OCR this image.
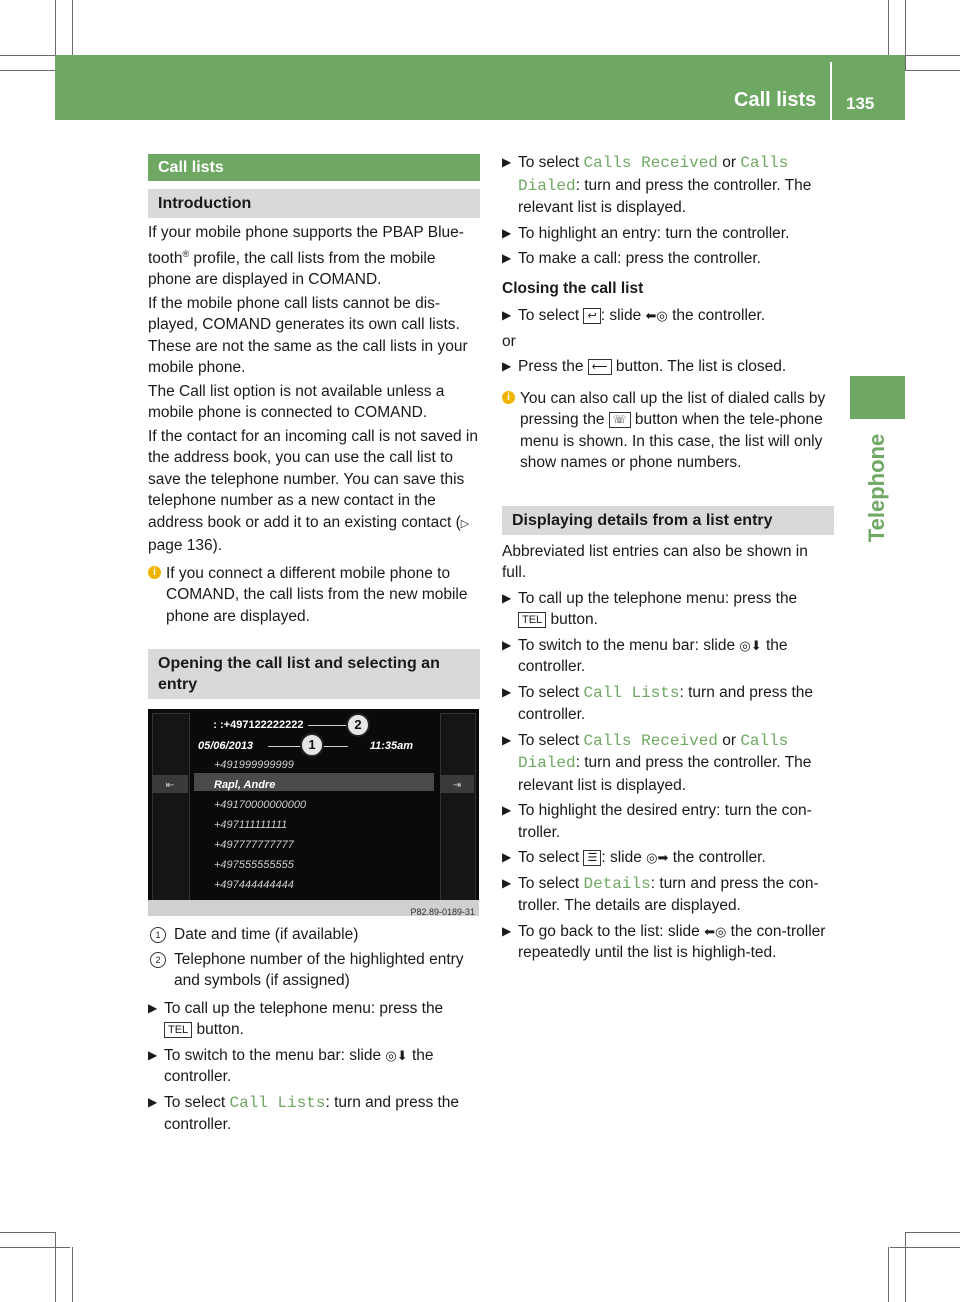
Call lists 135
Telephone
Call lists
Introduction

If your mobile phone supports the PBAP Blue-tooth® profile, the call lists from the mobile phone are displayed in COMAND.

If the mobile phone call lists cannot be dis-played, COMAND generates its own call lists. These are not the same as the call lists in your mobile phone.

The Call list option is not available unless a mobile phone is connected to COMAND.

If the contact for an incoming call is not saved in the address book, you can use the call list to save the telephone number. You can save this telephone number as a new contact in the address book or add it to an existing contact (▷ page 136).

i If you connect a different mobile phone to COMAND, the call lists from the new mobile phone are displayed.
Opening the call list and selecting an entry
⇤	⇥
: :+497122222222
05/06/2013	11:35am
+491999999999
Rapl, Andre
+49170000000000
+497111111111
+497777777777
+497555555555
+497444444444
1
2
P82.89-0189-31
1 Date and time (if available)
2 Telephone number of the highlighted entry and symbols (if assigned)
▶ To call up the telephone menu: press the
TEL button.
▶ To switch to the menu bar: slide ◎⬇ the controller.
▶ To select Call Lists: turn and press the controller.
▶ To select Calls Received or Calls Dialed: turn and press the controller. The relevant list is displayed.
▶ To highlight an entry: turn the controller.
▶ To make a call: press the controller.

Closing the call list

▶ To select ↩ : slide ⬅◎ the controller.

or

▶ Press the ⟵ button. The list is closed.
i You can also call up the list of dialed calls by pressing the ☏ button when the tele-phone menu is shown. In this case, the list will only show names or phone numbers.
Displaying details from a list entry

Abbreviated list entries can also be shown in full.

▶ To call up the telephone menu: press the
TEL button.
▶ To switch to the menu bar: slide ◎⬇ the controller.
▶ To select Call Lists: turn and press the controller.
▶ To select Calls Received or Calls Dialed: turn and press the controller. The relevant list is displayed.
▶ To highlight the desired entry: turn the con-troller.
▶ To select ☰ : slide ◎➡ the controller.
▶ To select Details: turn and press the con-troller. The details are displayed.
▶ To go back to the list: slide ⬅◎ the con-troller repeatedly until the list is highligh-ted.
